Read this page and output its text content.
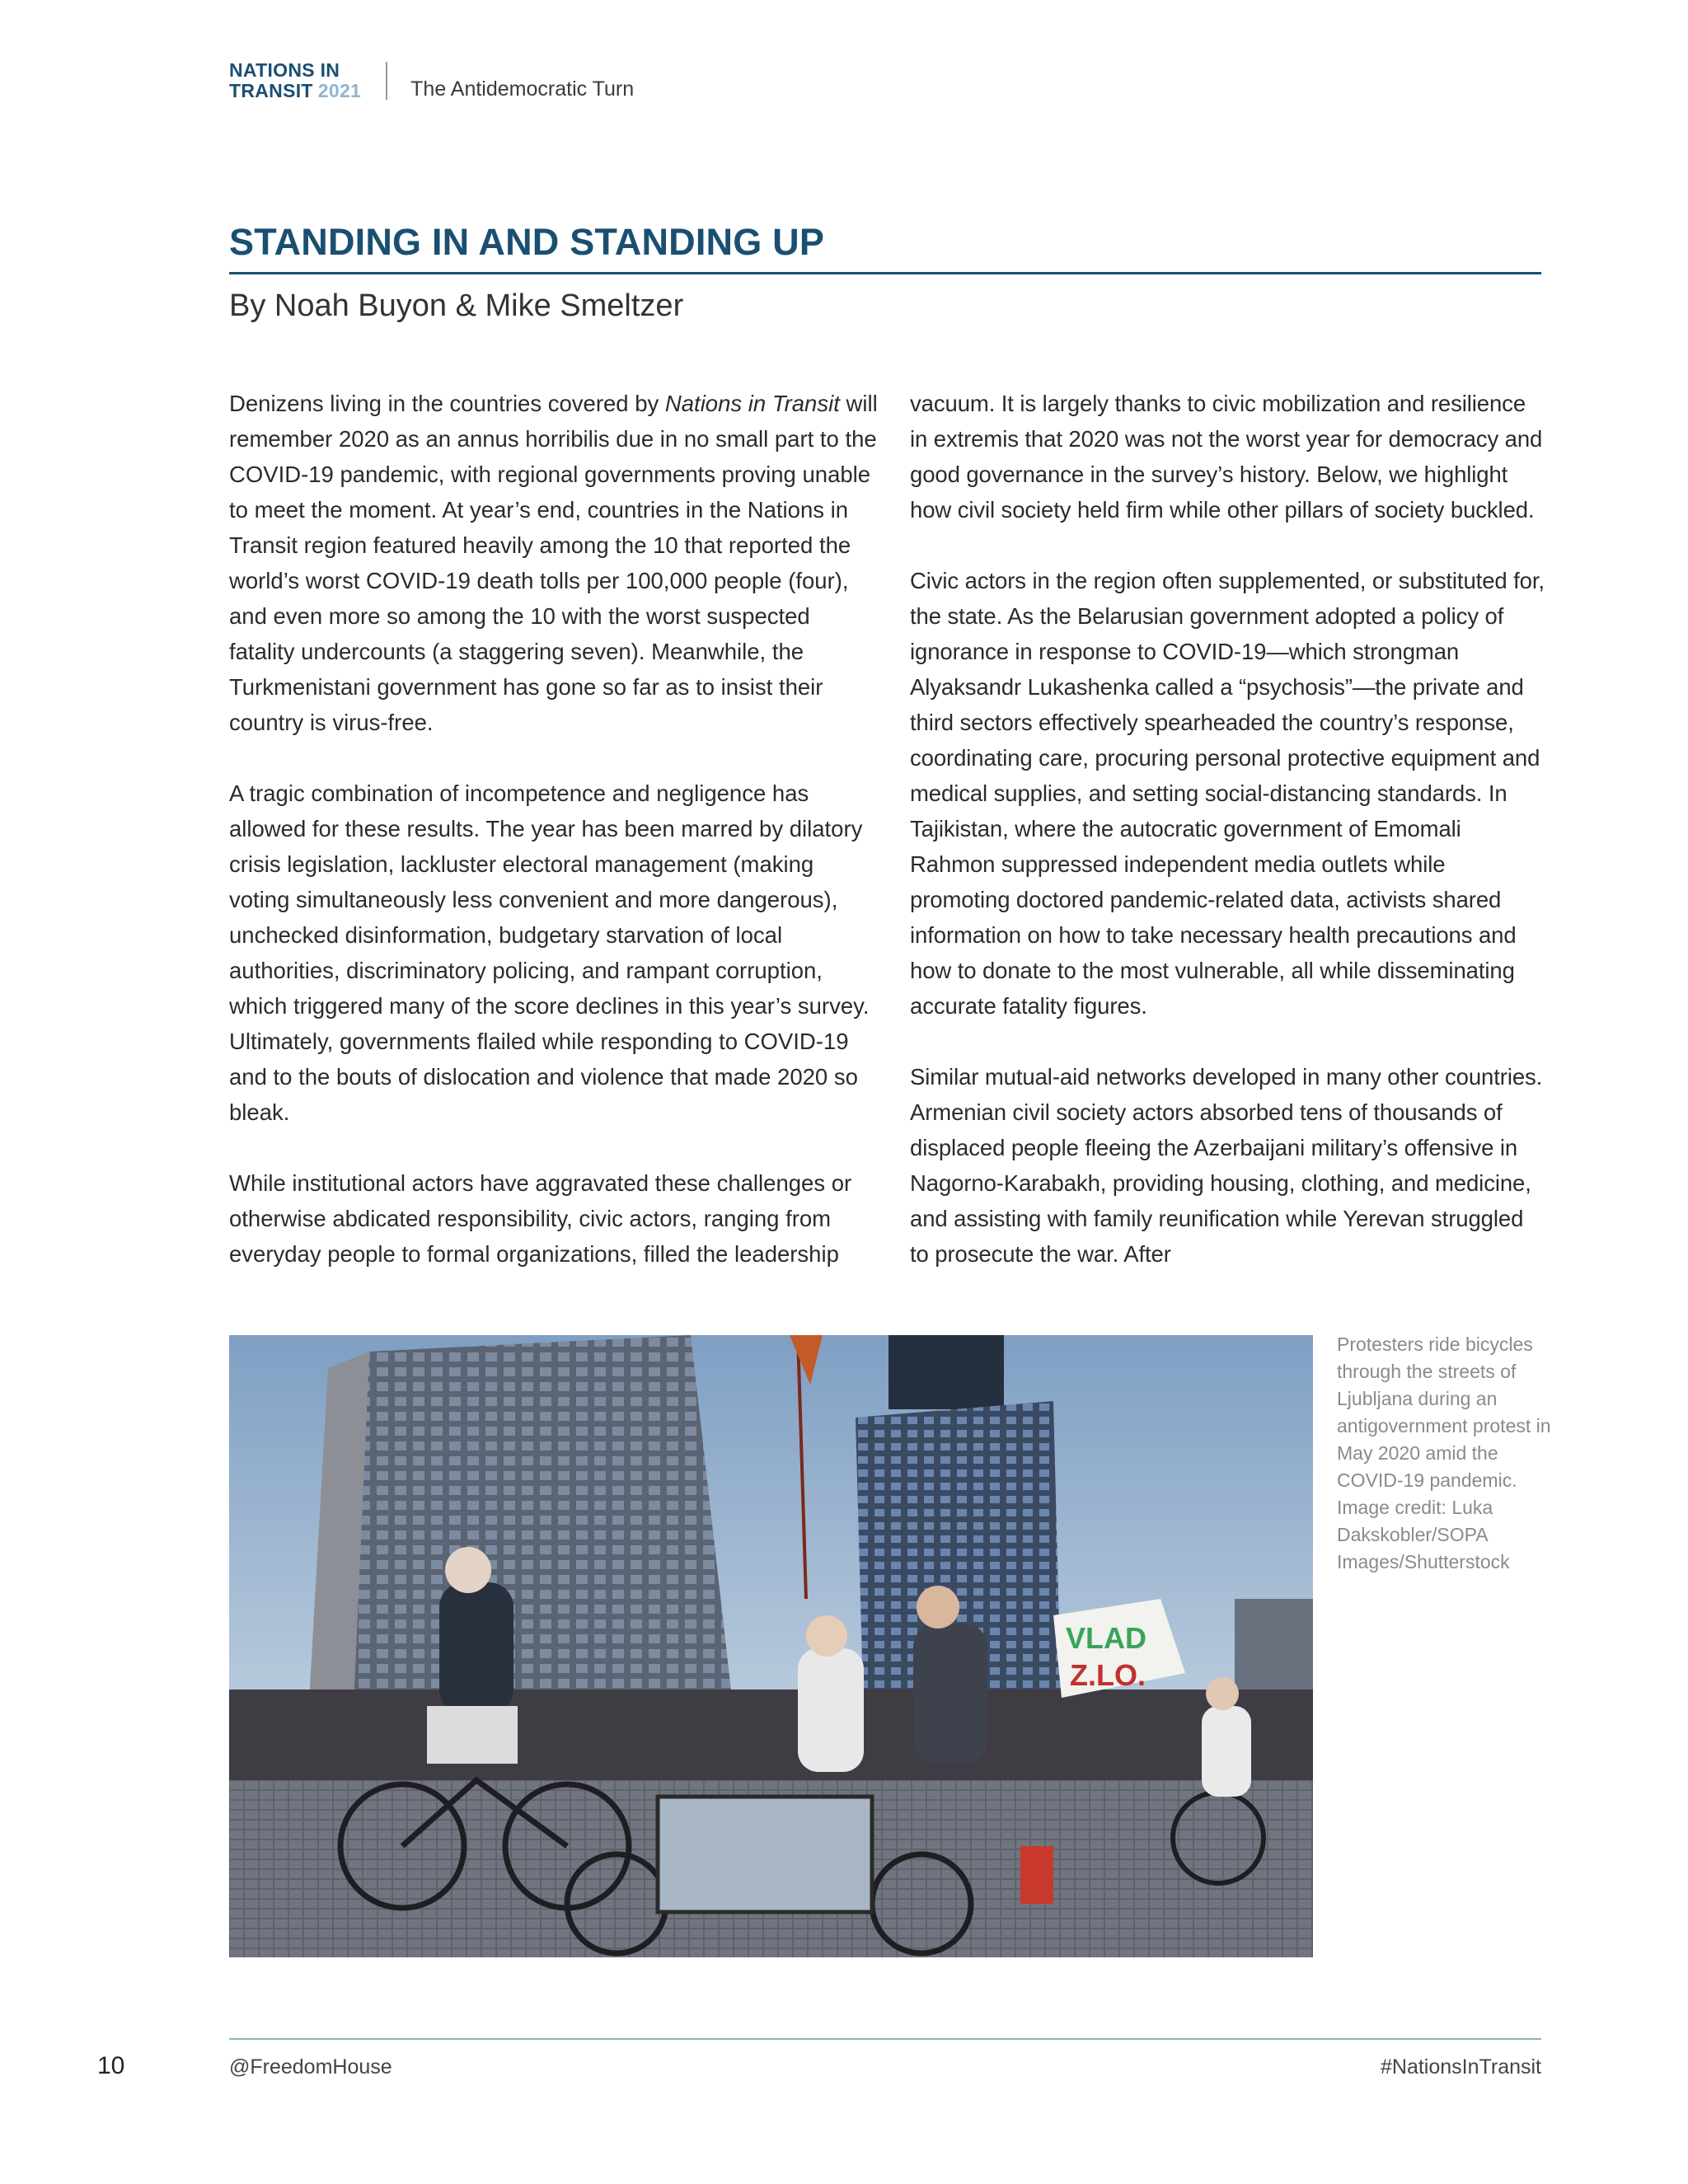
NATIONS IN
TRANSIT 2021 The Antidemocratic Turn
STANDING IN AND STANDING UP
By Noah Buyon & Mike Smeltzer

Denizens living in the countries covered by Nations in Transit will remember 2020 as an annus horribilis due in no small part to the COVID-19 pandemic, with regional governments proving unable to meet the moment. At year’s end, countries in the Nations in Transit region featured heavily among the 10 that reported the world’s worst COVID-19 death tolls per 100,000 people (four), and even more so among the 10 with the worst suspected fatality undercounts (a staggering seven). Meanwhile, the Turkmenistani government has gone so far as to insist their country is virus-free.

A tragic combination of incompetence and negligence has allowed for these results. The year has been marred by dilatory crisis legislation, lackluster electoral management (making voting simultaneously less convenient and more dangerous), unchecked disinformation, budgetary starvation of local authorities, discriminatory policing, and rampant corruption, which triggered many of the score declines in this year’s survey. Ultimately, governments flailed while responding to COVID-19 and to the bouts of dislocation and violence that made 2020 so bleak.

While institutional actors have aggravated these challenges or otherwise abdicated responsibility, civic actors, ranging from everyday people to formal organizations, filled the leadership

vacuum. It is largely thanks to civic mobilization and resilience in extremis that 2020 was not the worst year for democracy and good governance in the survey’s history. Below, we highlight how civil society held firm while other pillars of society buckled.

Civic actors in the region often supplemented, or substituted for, the state. As the Belarusian government adopted a policy of ignorance in response to COVID-19—which strongman Alyaksandr Lukashenka called a “psychosis”—the private and third sectors effectively spearheaded the country’s response, coordinating care, procuring personal protective equipment and medical supplies, and setting social-distancing standards. In Tajikistan, where the autocratic government of Emomali Rahmon suppressed independent media outlets while promoting doctored pandemic-related data, activists shared information on how to take necessary health precautions and how to donate to the most vulnerable, all while disseminating accurate fatality figures.

Similar mutual-aid networks developed in many other countries. Armenian civil society actors absorbed tens of thousands of displaced people fleeing the Azerbaijani military’s offensive in Nagorno-Karabakh, providing housing, clothing, and medicine, and assisting with family reunification while Yerevan struggled to prosecute the war. After

VLAD
Z.LO.
Protesters ride bicycles through the streets of Ljubljana during an antigovernment protest in May 2020 amid the COVID-19 pandemic. Image credit: Luka Dakskobler/SOPA Images/Shutterstock
10	@FreedomHouse	#NationsInTransit
